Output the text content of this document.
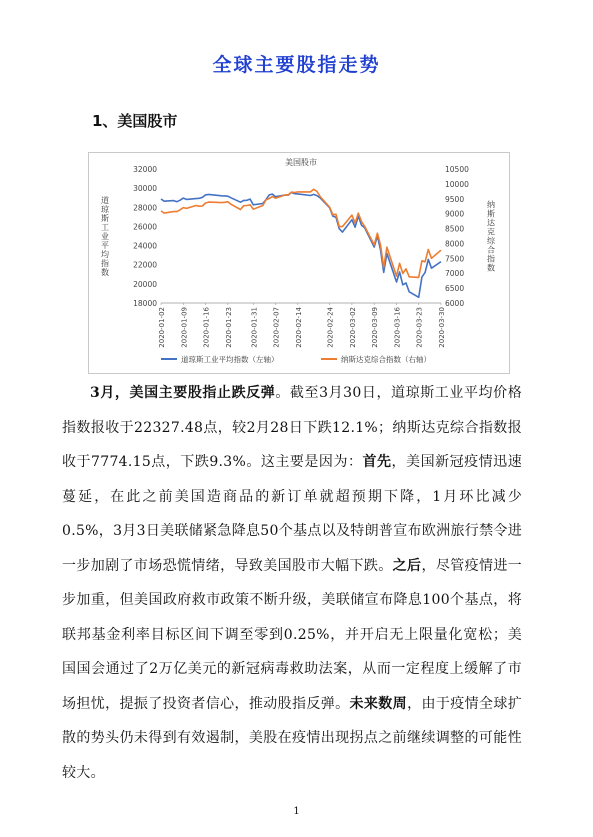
全球主要股指走势
1、美国股市
美国股市
18000
20000
22000
24000
26000
28000
30000
32000
6000
6500
7000
7500
8000
8500
9000
9500
10000
10500
道琼斯工业平均指数
纳斯达克综合指数
2020-01-02 2020-01-09 2020-01-16 2020-01-23 2020-01-31 2020-02-07 2020-02-14	2020-02-24 2020-03-02 2020-03-09 2020-03-16 2020-03-23 2020-03-30
道琼斯工业平均指数（左轴）	纳斯达克综合指数（右轴）

3月，美国主要股指止跌反弹。截至3月30日，道琼斯工业平均价格指数报收于22327.48点，较2月28日下跌12.1%；纳斯达克综合指数报收于7774.15点，下跌9.3%。这主要是因为：首先，美国新冠疫情迅速蔓延，在此之前美国造商品的新订单就超预期下降，1月环比减少0.5%，3月3日美联储紧急降息50个基点以及特朗普宣布欧洲旅行禁令进一步加剧了市场恐慌情绪，导致美国股市大幅下跌。之后，尽管疫情进一步加重，但美国政府救市政策不断升级，美联储宣布降息100个基点，将联邦基金利率目标区间下调至零到0.25%，并开启无上限量化宽松；美国国会通过了2万亿美元的新冠病毒救助法案，从而一定程度上缓解了市场担忧，提振了投资者信心，推动股指反弹。未来数周，由于疫情全球扩散的势头仍未得到有效遏制，美股在疫情出现拐点之前继续调整的可能性较大。

1
